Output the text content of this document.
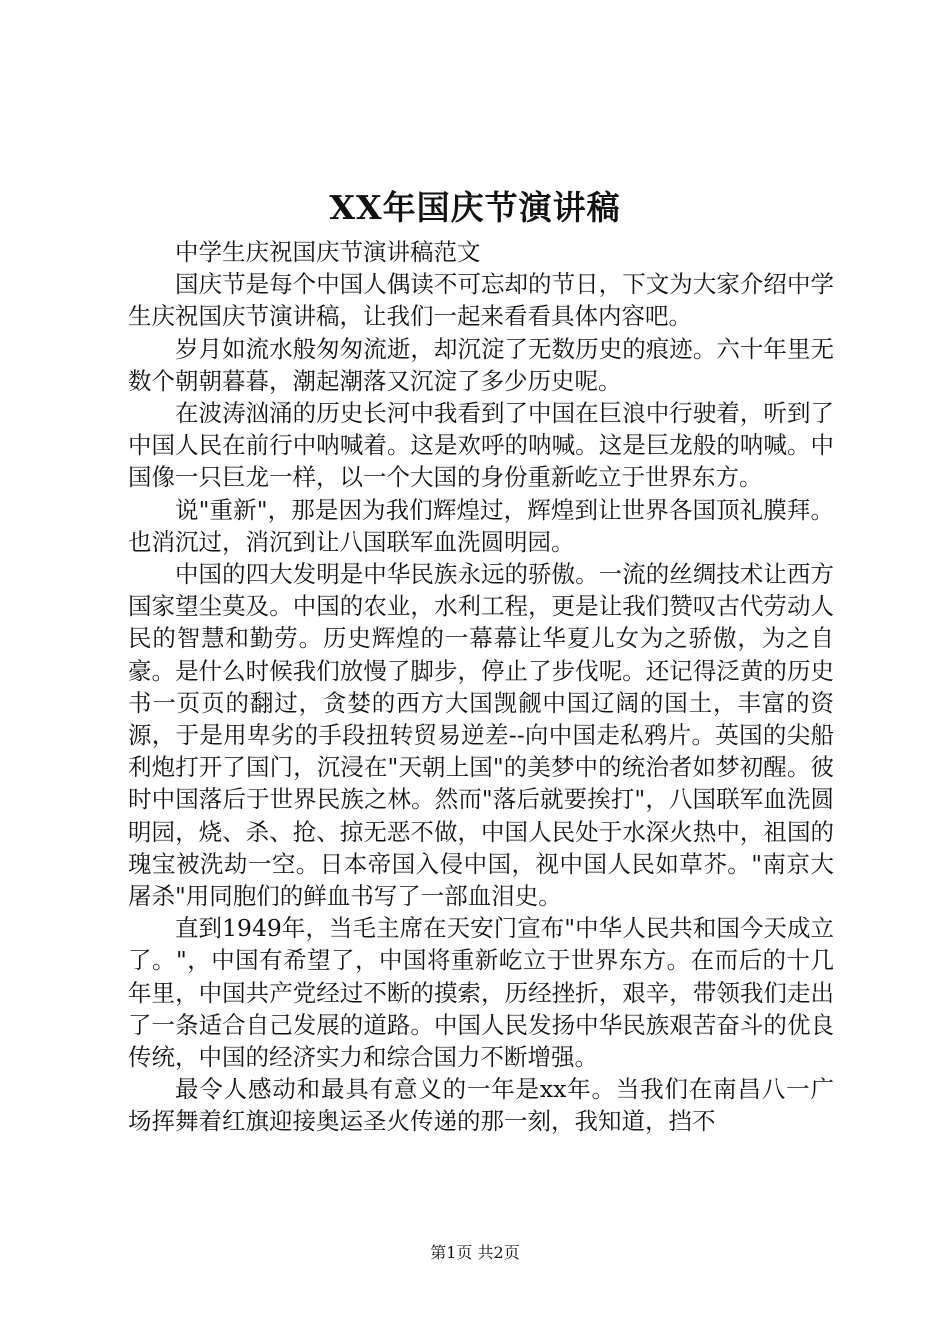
XX年国庆节演讲稿

中学生庆祝国庆节演讲稿范文

国庆节是每个中国人偶读不可忘却的节日，下文为大家介绍中学生庆祝国庆节演讲稿，让我们一起来看看具体内容吧。

岁月如流水般匆匆流逝，却沉淀了无数历史的痕迹。六十年里无数个朝朝暮暮，潮起潮落又沉淀了多少历史呢。

在波涛汹涌的历史长河中我看到了中国在巨浪中行驶着，听到了中国人民在前行中呐喊着。这是欢呼的呐喊。这是巨龙般的呐喊。中国像一只巨龙一样，以一个大国的身份重新屹立于世界东方。

说"重新"，那是因为我们辉煌过，辉煌到让世界各国顶礼膜拜。也消沉过，消沉到让八国联军血洗圆明园。

中国的四大发明是中华民族永远的骄傲。一流的丝绸技术让西方国家望尘莫及。中国的农业，水利工程，更是让我们赞叹古代劳动人民的智慧和勤劳。历史辉煌的一幕幕让华夏儿女为之骄傲，为之自豪。是什么时候我们放慢了脚步，停止了步伐呢。还记得泛黄的历史书一页页的翻过，贪婪的西方大国觊觎中国辽阔的国土，丰富的资源，于是用卑劣的手段扭转贸易逆差--向中国走私鸦片。英国的尖船利炮打开了国门，沉浸在"天朝上国"的美梦中的统治者如梦初醒。彼时中国落后于世界民族之林。然而"落后就要挨打"，八国联军血洗圆明园，烧、杀、抢、掠无恶不做，中国人民处于水深火热中，祖国的瑰宝被洗劫一空。日本帝国入侵中国，视中国人民如草芥。"南京大屠杀"用同胞们的鲜血书写了一部血泪史。

直到1949年，当毛主席在天安门宣布"中华人民共和国今天成立了。"，中国有希望了，中国将重新屹立于世界东方。在而后的十几年里，中国共产党经过不断的摸索，历经挫折，艰辛，带领我们走出了一条适合自己发展的道路。中国人民发扬中华民族艰苦奋斗的优良传统，中国的经济实力和综合国力不断增强。

最令人感动和最具有意义的一年是xx年。当我们在南昌八一广场挥舞着红旗迎接奥运圣火传递的那一刻，我知道，挡不

第1页 共2页
